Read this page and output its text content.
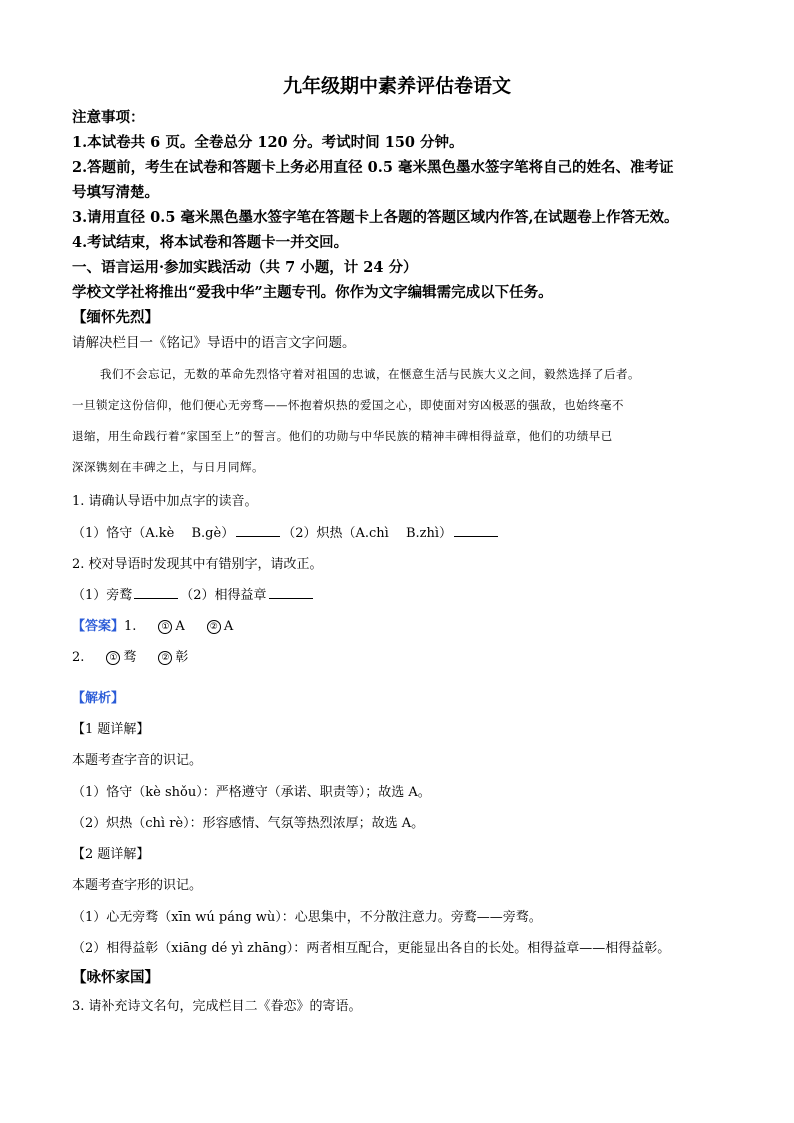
九年级期中素养评估卷语文
注意事项：
1.本试卷共 6 页。全卷总分 120 分。考试时间 150 分钟。
2.答题前，考生在试卷和答题卡上务必用直径 0.5 毫米黑色墨水签字笔将自己的姓名、准考证
号填写清楚。
3.请用直径 0.5 毫米黑色墨水签字笔在答题卡上各题的答题区域内作答,在试题卷上作答无效。
4.考试结束，将本试卷和答题卡一并交回。
一、语言运用·参加实践活动（共 7 小题，计 24 分）
学校文学社将推出“爱我中华”主题专刊。你作为文字编辑需完成以下任务。
【缅怀先烈】
请解决栏目一《铭记》导语中的语言文字问题。
我们不会忘记，无数的革命先烈恪守着对祖国的忠诚，在惬意生活与民族大义之间，毅然选择了后者。
一旦锁定这份信仰，他们便心无旁骛——怀抱着炽热的爱国之心，即使面对穷凶极恶的强敌，也始终毫不
退缩，用生命践行着“家国至上”的誓言。他们的功勋与中华民族的精神丰碑相得益章，他们的功绩早已
深深镌刻在丰碑之上，与日月同辉。
1. 请确认导语中加点字的读音。
（1）恪守（A.kè　 B.gè）	（2）炽热（A.chì　 B.zhì）
2. 校对导语时发现其中有错别字，请改正。
（1）旁鹜	（2）相得益章
【答案】1.	① A	② A
2.	① 骛	② 彰
【解析】
【1 题详解】
本题考查字音的识记。
（1）恪守（kè shǒu）：严格遵守（承诺、职责等）；故选 A。
（2）炽热（chì rè）：形容感情、气氛等热烈浓厚；故选 A。
【2 题详解】
本题考查字形的识记。
（1）心无旁骛（xīn wú páng wù）：心思集中，不分散注意力。旁鹜——旁骛。
（2）相得益彰（xiāng dé yì zhāng）：两者相互配合，更能显出各自的长处。相得益章——相得益彰。
【咏怀家国】
3. 请补充诗文名句，完成栏目二《眷恋》的寄语。
